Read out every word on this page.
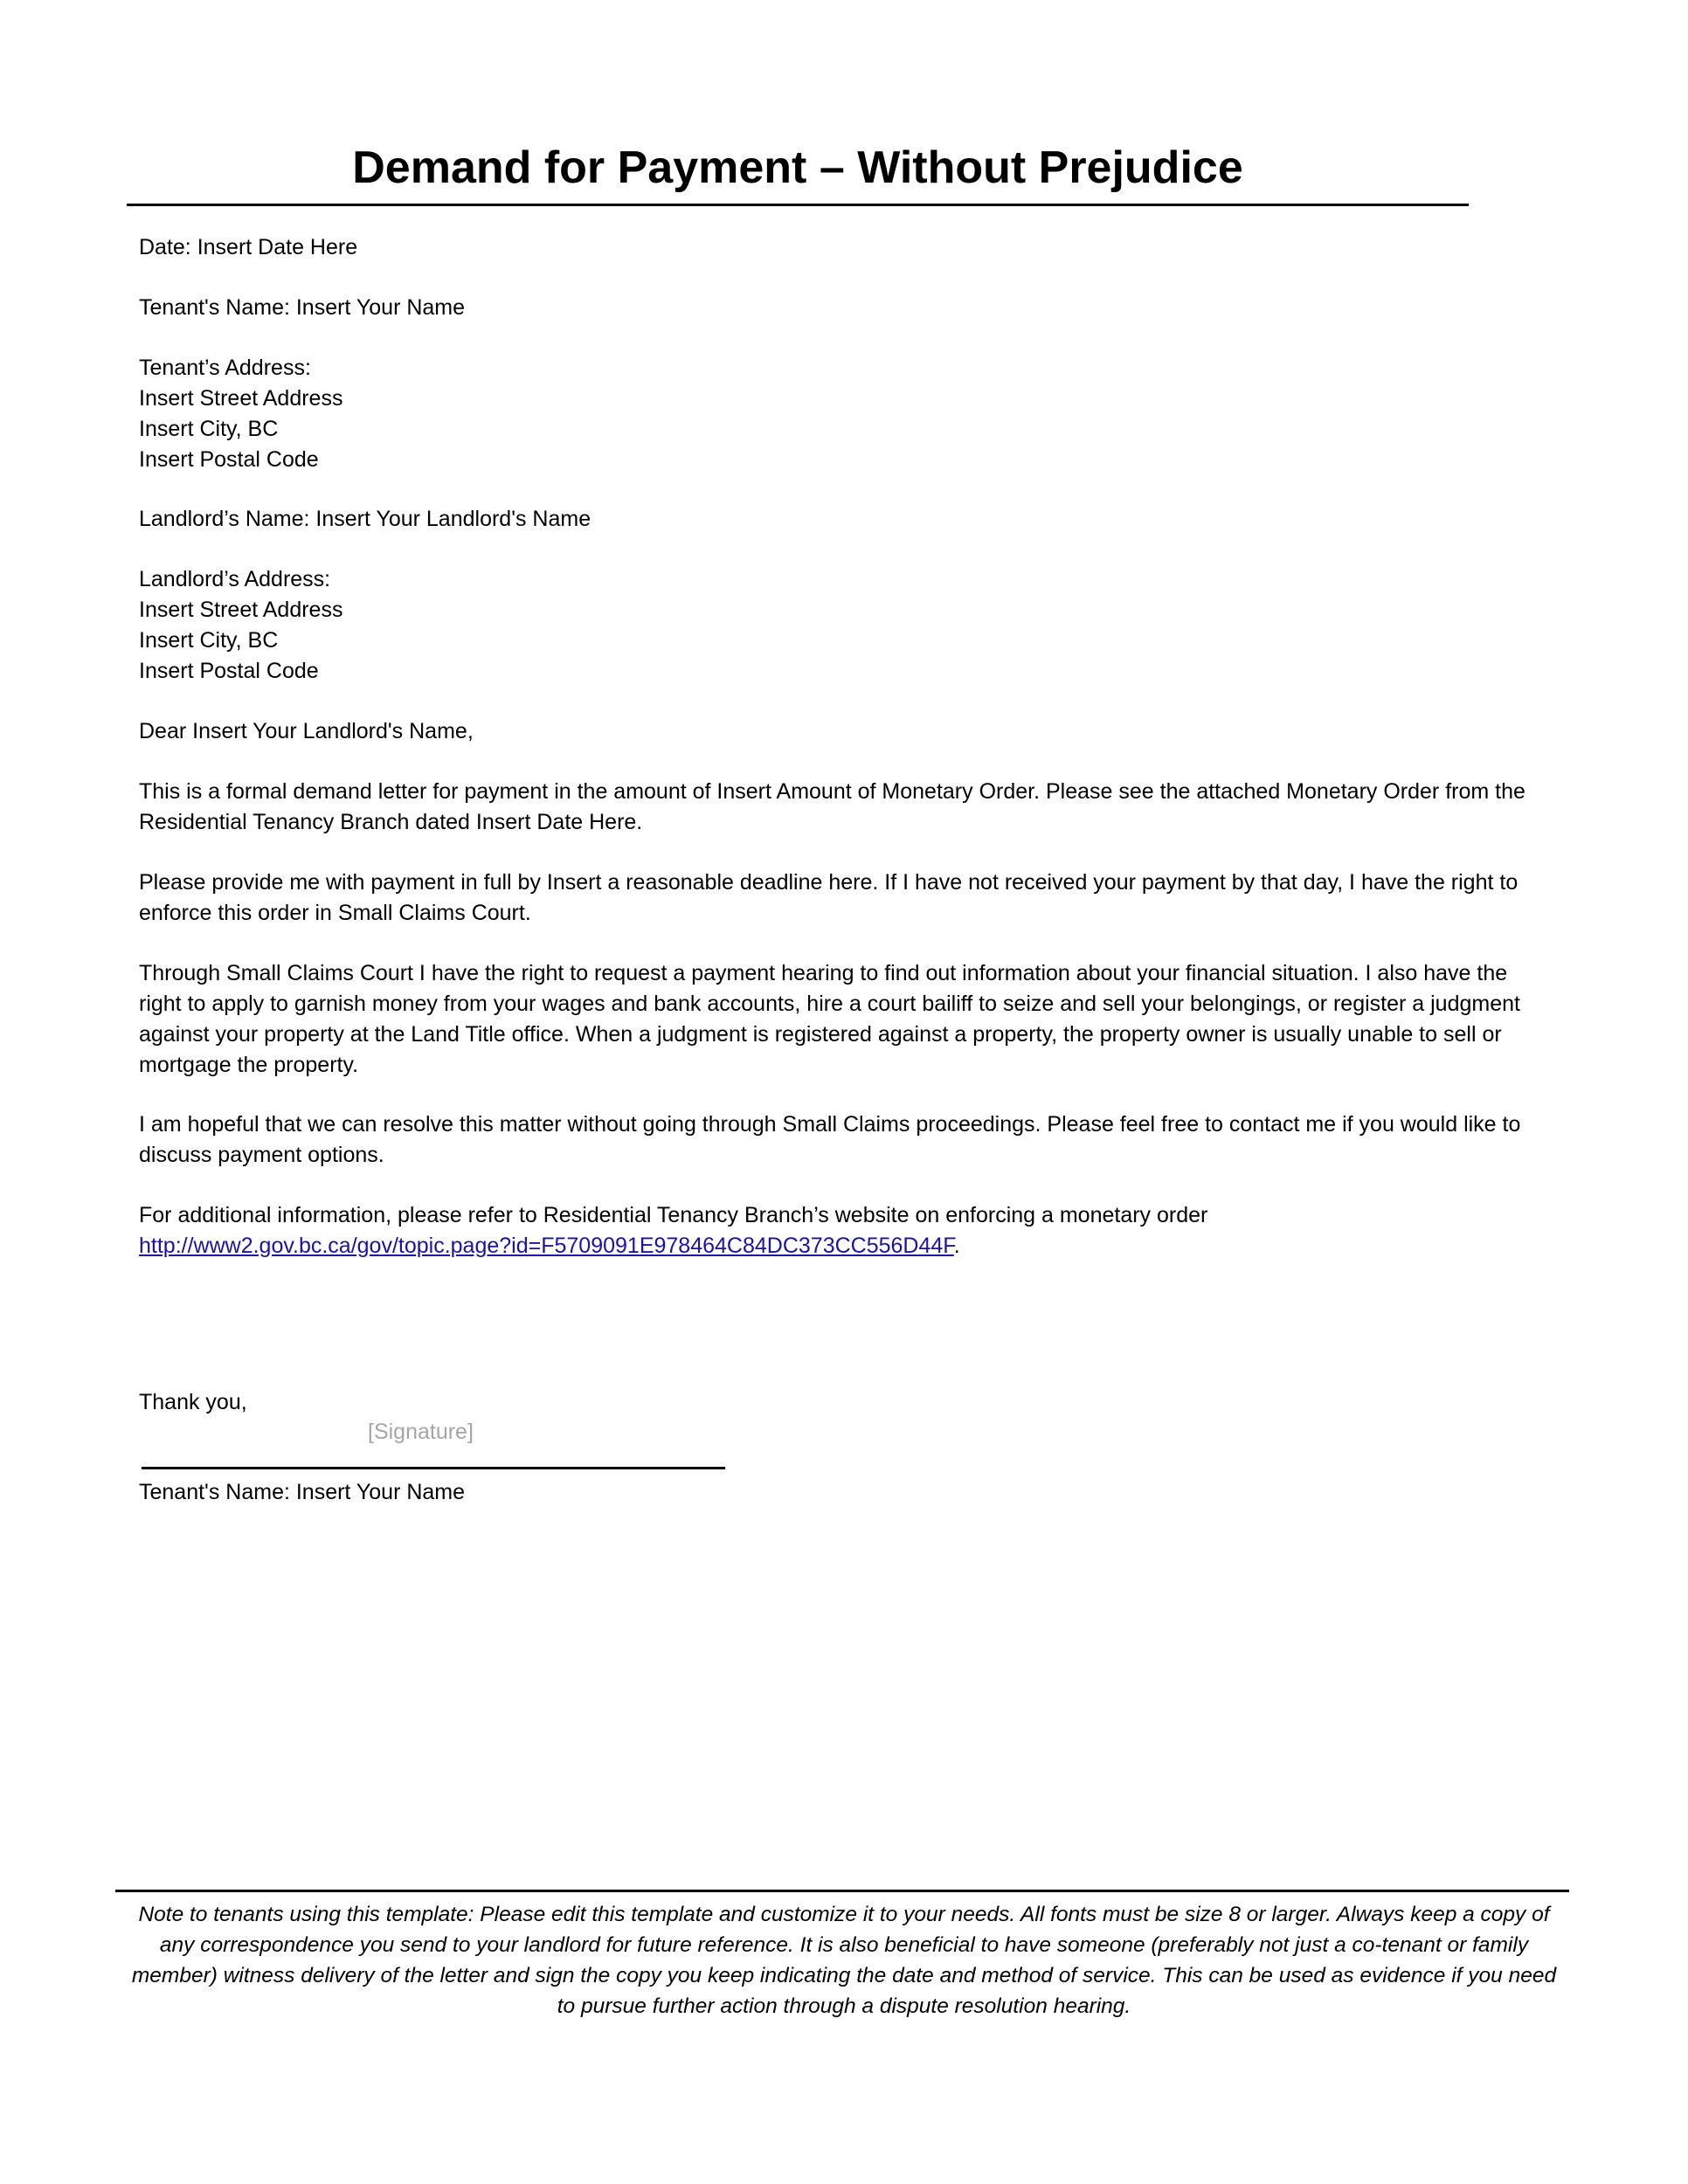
Demand for Payment – Without Prejudice
Date: Insert Date Here
Tenant's Name: Insert Your Name
Tenant’s Address:
Insert Street Address
Insert City, BC
Insert Postal Code
Landlord’s Name: Insert Your Landlord's Name
Landlord’s Address:
Insert Street Address
Insert City, BC
Insert Postal Code
Dear Insert Your Landlord's Name,
This is a formal demand letter for payment in the amount of Insert Amount of Monetary Order. Please see the attached Monetary Order from the Residential Tenancy Branch dated Insert Date Here.
Please provide me with payment in full by Insert a reasonable deadline here. If I have not received your payment by that day, I have the right to enforce this order in Small Claims Court.
Through Small Claims Court I have the right to request a payment hearing to find out information about your financial situation. I also have the right to apply to garnish money from your wages and bank accounts, hire a court bailiff to seize and sell your belongings, or register a judgment against your property at the Land Title office. When a judgment is registered against a property, the property owner is usually unable to sell or mortgage the property.
I am hopeful that we can resolve this matter without going through Small Claims proceedings. Please feel free to contact me if you would like to discuss payment options.
For additional information, please refer to Residential Tenancy Branch’s website on enforcing a monetary order
http://www2.gov.bc.ca/gov/topic.page?id=F5709091E978464C84DC373CC556D44F.
Thank you,
[Signature]
Tenant's Name: Insert Your Name

Note to tenants using this template: Please edit this template and customize it to your needs. All fonts must be size 8 or larger. Always keep a copy of any correspondence you send to your landlord for future reference. It is also beneficial to have someone (preferably not just a co-tenant or family member) witness delivery of the letter and sign the copy you keep indicating the date and method of service. This can be used as evidence if you need to pursue further action through a dispute resolution hearing.
